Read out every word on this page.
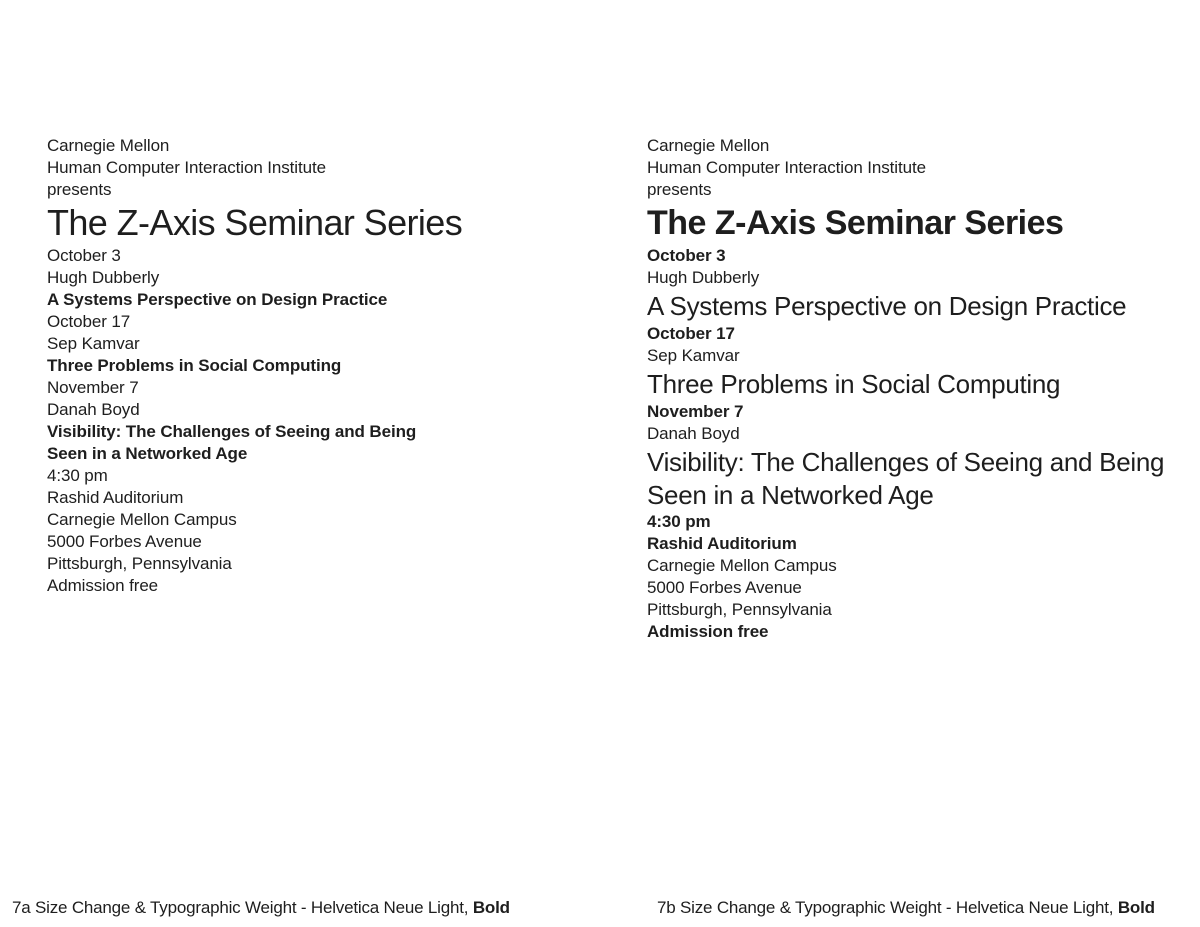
Carnegie Mellon
Human Computer Interaction Institute
presents
The Z-Axis Seminar Series
October 3
Hugh Dubberly
A Systems Perspective on Design Practice
October 17
Sep Kamvar
Three Problems in Social Computing
November 7
Danah Boyd
Visibility: The Challenges of Seeing and Being
Seen in a Networked Age
4:30 pm
Rashid Auditorium
Carnegie Mellon Campus
5000 Forbes Avenue
Pittsburgh, Pennsylvania
Admission free
Carnegie Mellon
Human Computer Interaction Institute
presents
The Z-Axis Seminar Series
October 3
Hugh Dubberly
A Systems Perspective on Design Practice
October 17
Sep Kamvar
Three Problems in Social Computing
November 7
Danah Boyd
Visibility: The Challenges of Seeing and Being
Seen in a Networked Age
4:30 pm
Rashid Auditorium
Carnegie Mellon Campus
5000 Forbes Avenue
Pittsburgh, Pennsylvania
Admission free
7a Size Change & Typographic Weight - Helvetica Neue Light, Bold	7b Size Change & Typographic Weight - Helvetica Neue Light, Bold
